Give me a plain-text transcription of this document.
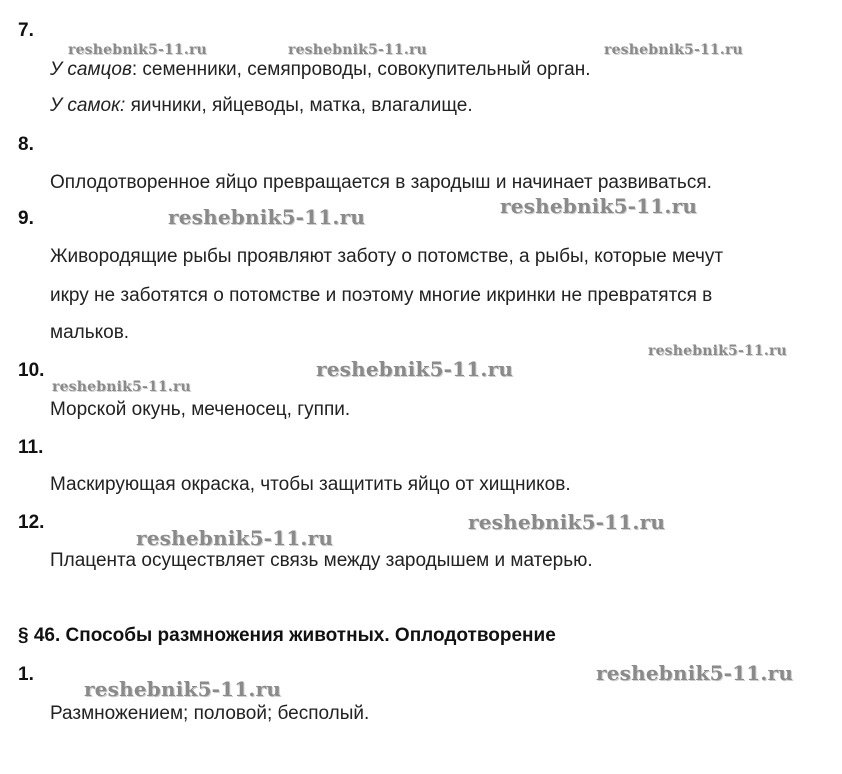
7.
У самцов: семенники, семяпроводы, совокупительный орган.
У самок: яичники, яйцеводы, матка, влагалище.
8.
Оплодотворенное яйцо превращается в зародыш и начинает развиваться.
9.
Живородящие рыбы проявляют заботу о потомстве, а рыбы, которые мечут
икру не заботятся о потомстве и поэтому многие икринки не превратятся в
мальков.
10.
Морской окунь, меченосец, гуппи.
11.
Маскирующая окраска, чтобы защитить яйцо от хищников.
12.
Плацента осуществляет связь между зародышем и матерью.
§ 46. Способы размножения животных. Оплодотворение
1.
Размножением; половой; бесполый.
reshebnik5-11.ru	reshebnik5-11.ru	reshebnik5-11.ru
reshebnik5-11.ru	reshebnik5-11.ru
reshebnik5-11.ru
reshebnik5-11.ru
reshebnik5-11.ru
reshebnik5-11.ru
reshebnik5-11.ru
reshebnik5-11.ru
reshebnik5-11.ru
